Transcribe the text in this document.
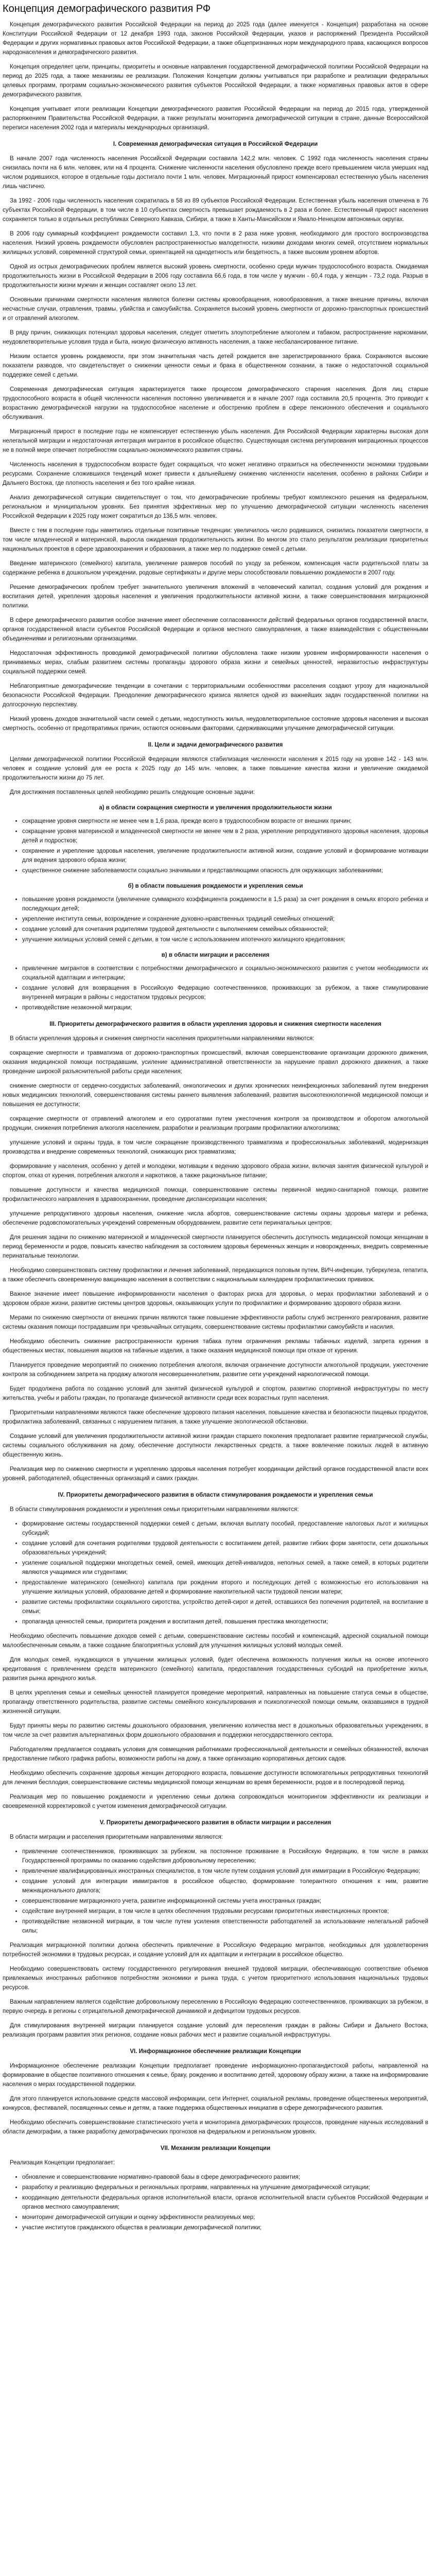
Концепция демографического развития РФ

Концепция демографического развития Российской Федерации на период до 2025 года (далее именуется - Концепция) разработана на основе Конституции Российской Федерации от 12 декабря 1993 года, законов Российской Федерации, указов и распоряжений Президента Российской Федерации и других нормативных правовых актов Российской Федерации, а также общепризнанных норм международного права, касающихся вопросов народонаселения и демографического развития.

Концепция определяет цели, принципы, приоритеты и основные направления государственной демографической политики Российской Федерации на период до 2025 года, а также механизмы ее реализации. Положения Концепции должны учитываться при разработке и реализации федеральных целевых программ, программ социально-экономического развития субъектов Российской Федерации, а также нормативных правовых актов в сфере демографического развития.

Концепция учитывает итоги реализации Концепции демографического развития Российской Федерации на период до 2015 года, утвержденной распоряжением Правительства Российской Федерации, а также результаты мониторинга демографической ситуации в стране, данные Всероссийской переписи населения 2002 года и материалы международных организаций.

I. Современная демографическая ситуация в Российской Федерации

В начале 2007 года численность населения Российской Федерации составила 142,2 млн. человек. С 1992 года численность населения страны снизилась почти на 6 млн. человек, или на 4 процента. Снижение численности населения обусловлено прежде всего превышением числа умерших над числом родившихся, которое в отдельные годы достигало почти 1 млн. человек. Миграционный прирост компенсировал естественную убыль населения лишь частично.

За 1992 - 2006 годы численность населения сократилась в 58 из 89 субъектов Российской Федерации. Естественная убыль населения отмечена в 76 субъектах Российской Федерации, в том числе в 10 субъектах смертность превышает рождаемость в 2 раза и более. Естественный прирост населения сохраняется только в отдельных республиках Северного Кавказа, Сибири, а также в Ханты-Мансийском и Ямало-Ненецком автономных округах.

В 2006 году суммарный коэффициент рождаемости составил 1,3, что почти в 2 раза ниже уровня, необходимого для простого воспроизводства населения. Низкий уровень рождаемости обусловлен распространенностью малодетности, низкими доходами многих семей, отсутствием нормальных жилищных условий, современной структурой семьи, ориентацией на однодетность или бездетность, а также высоким уровнем абортов.

Одной из острых демографических проблем является высокий уровень смертности, особенно среди мужчин трудоспособного возраста. Ожидаемая продолжительность жизни в Российской Федерации в 2006 году составила 66,6 года, в том числе у мужчин - 60,4 года, у женщин - 73,2 года. Разрыв в продолжительности жизни мужчин и женщин составляет около 13 лет.

Основными причинами смертности населения являются болезни системы кровообращения, новообразования, а также внешние причины, включая несчастные случаи, отравления, травмы, убийства и самоубийства. Сохраняется высокий уровень смертности от дорожно-транспортных происшествий и от отравлений алкоголем.

В ряду причин, снижающих потенциал здоровья населения, следует отметить злоупотребление алкоголем и табаком, распространение наркомании, неудовлетворительные условия труда и быта, низкую физическую активность населения, а также несбалансированное питание.

Низким остается уровень рождаемости, при этом значительная часть детей рождается вне зарегистрированного брака. Сохраняются высокие показатели разводов, что свидетельствует о снижении ценности семьи и брака в общественном сознании, а также о недостаточной социальной поддержке семей с детьми.

Современная демографическая ситуация характеризуется также процессом демографического старения населения. Доля лиц старше трудоспособного возраста в общей численности населения постоянно увеличивается и в начале 2007 года составила 20,5 процента. Это приводит к возрастанию демографической нагрузки на трудоспособное население и обострению проблем в сфере пенсионного обеспечения и социального обслуживания.

Миграционный прирост в последние годы не компенсирует естественную убыль населения. Для Российской Федерации характерны высокая доля нелегальной миграции и недостаточная интеграция мигрантов в российское общество. Существующая система регулирования миграционных процессов не в полной мере отвечает потребностям социально-экономического развития страны.

Численность населения в трудоспособном возрасте будет сокращаться, что может негативно отразиться на обеспеченности экономики трудовыми ресурсами. Сохранение сложившихся тенденций может привести к дальнейшему снижению численности населения, особенно в районах Сибири и Дальнего Востока, где плотность населения и без того крайне низкая.

Анализ демографической ситуации свидетельствует о том, что демографические проблемы требуют комплексного решения на федеральном, региональном и муниципальном уровнях. Без принятия эффективных мер по улучшению демографической ситуации численность населения Российской Федерации к 2025 году может сократиться до 136,5 млн. человек.

Вместе с тем в последние годы наметились отдельные позитивные тенденции: увеличилось число родившихся, снизились показатели смертности, в том числе младенческой и материнской, выросла ожидаемая продолжительность жизни. Во многом это стало результатом реализации приоритетных национальных проектов в сфере здравоохранения и образования, а также мер по поддержке семей с детьми.

Введение материнского (семейного) капитала, увеличение размеров пособий по уходу за ребенком, компенсация части родительской платы за содержание ребенка в дошкольном учреждении, родовые сертификаты и другие меры способствовали повышению рождаемости в 2007 году.

Решение демографических проблем требует значительного увеличения вложений в человеческий капитал, создания условий для рождения и воспитания детей, укрепления здоровья населения и увеличения продолжительности активной жизни, а также совершенствования миграционной политики.

В сфере демографического развития особое значение имеет обеспечение согласованности действий федеральных органов государственной власти, органов государственной власти субъектов Российской Федерации и органов местного самоуправления, а также взаимодействия с общественными объединениями и религиозными организациями.

Недостаточная эффективность проводимой демографической политики обусловлена также низким уровнем информированности населения о принимаемых мерах, слабым развитием системы пропаганды здорового образа жизни и семейных ценностей, неразвитостью инфраструктуры социальной поддержки семей.

Неблагоприятные демографические тенденции в сочетании с территориальными особенностями расселения создают угрозу для национальной безопасности Российской Федерации. Преодоление демографического кризиса является одной из важнейших задач государственной политики на долгосрочную перспективу.

Низкий уровень доходов значительной части семей с детьми, недоступность жилья, неудовлетворительное состояние здоровья населения и высокая смертность, особенно от предотвратимых причин, остаются основными факторами, сдерживающими улучшение демографической ситуации.

II. Цели и задачи демографического развития

Целями демографической политики Российской Федерации являются стабилизация численности населения к 2015 году на уровне 142 - 143 млн. человек и создание условий для ее роста к 2025 году до 145 млн. человек, а также повышение качества жизни и увеличение ожидаемой продолжительности жизни до 75 лет.

Для достижения поставленных целей необходимо решить следующие основные задачи:

а) в области сокращения смертности и увеличения продолжительности жизни
• сокращение уровня смертности не менее чем в 1,6 раза, прежде всего в трудоспособном возрасте от внешних причин;
• сокращение уровня материнской и младенческой смертности не менее чем в 2 раза, укрепление репродуктивного здоровья населения, здоровья детей и подростков;
• сохранение и укрепление здоровья населения, увеличение продолжительности активной жизни, создание условий и формирование мотивации для ведения здорового образа жизни;
• существенное снижение заболеваемости социально значимыми и представляющими опасность для окружающих заболеваниями;
б) в области повышения рождаемости и укрепления семьи
• повышение уровня рождаемости (увеличение суммарного коэффициента рождаемости в 1,5 раза) за счет рождения в семьях второго ребенка и последующих детей;
• укрепление института семьи, возрождение и сохранение духовно-нравственных традиций семейных отношений;
• создание условий для сочетания родителями трудовой деятельности с выполнением семейных обязанностей;
• улучшение жилищных условий семей с детьми, в том числе с использованием ипотечного жилищного кредитования;
в) в области миграции и расселения
• привлечение мигрантов в соответствии с потребностями демографического и социально-экономического развития с учетом необходимости их социальной адаптации и интеграции;
• создание условий для возвращения в Российскую Федерацию соотечественников, проживающих за рубежом, а также стимулирование внутренней миграции в районы с недостатком трудовых ресурсов;
• противодействие незаконной миграции;
III. Приоритеты демографического развития в области укрепления здоровья и снижения смертности населения

В области укрепления здоровья и снижения смертности населения приоритетными направлениями являются:

сокращение смертности и травматизма от дорожно-транспортных происшествий, включая совершенствование организации дорожного движения, оказания медицинской помощи пострадавшим, усиление административной ответственности за нарушение правил дорожного движения, а также проведение широкой разъяснительной работы среди населения;

снижение смертности от сердечно-сосудистых заболеваний, онкологических и других хронических неинфекционных заболеваний путем внедрения новых медицинских технологий, совершенствования системы раннего выявления заболеваний, развития высокотехнологичной медицинской помощи и повышения ее доступности;

сокращение смертности от отравлений алкоголем и его суррогатами путем ужесточения контроля за производством и оборотом алкогольной продукции, снижения потребления алкоголя населением, разработки и реализации программ профилактики алкоголизма;

улучшение условий и охраны труда, в том числе сокращение производственного травматизма и профессиональных заболеваний, модернизация производства и внедрение современных технологий, снижающих риск травматизма;

формирование у населения, особенно у детей и молодежи, мотивации к ведению здорового образа жизни, включая занятия физической культурой и спортом, отказ от курения, потребления алкоголя и наркотиков, а также рациональное питание;

повышение доступности и качества медицинской помощи, совершенствование системы первичной медико-санитарной помощи, развитие профилактического направления в здравоохранении, проведение диспансеризации населения;

улучшение репродуктивного здоровья населения, снижение числа абортов, совершенствование системы охраны здоровья матери и ребенка, обеспечение родовспомогательных учреждений современным оборудованием, развитие сети перинатальных центров;

Для решения задачи по снижению материнской и младенческой смертности планируется обеспечить доступность медицинской помощи женщинам в период беременности и родов, повысить качество наблюдения за состоянием здоровья беременных женщин и новорожденных, внедрить современные перинатальные технологии.

Необходимо совершенствовать систему профилактики и лечения заболеваний, передающихся половым путем, ВИЧ-инфекции, туберкулеза, гепатита, а также обеспечить своевременную вакцинацию населения в соответствии с национальным календарем профилактических прививок.

Важное значение имеет повышение информированности населения о факторах риска для здоровья, о мерах профилактики заболеваний и о здоровом образе жизни, развитие системы центров здоровья, оказывающих услуги по профилактике и формированию здорового образа жизни.

Мерами по снижению смертности от внешних причин являются также повышение эффективности работы служб экстренного реагирования, развитие системы оказания помощи пострадавшим при чрезвычайных ситуациях, совершенствование системы профилактики самоубийств и насилия.

Необходимо обеспечить снижение распространенности курения табака путем ограничения рекламы табачных изделий, запрета курения в общественных местах, повышения акцизов на табачные изделия, а также оказания медицинской помощи при отказе от курения.

Планируется проведение мероприятий по снижению потребления алкоголя, включая ограничение доступности алкогольной продукции, ужесточение контроля за соблюдением запрета на продажу алкоголя несовершеннолетним, развитие сети учреждений наркологической помощи.

Будет продолжена работа по созданию условий для занятий физической культурой и спортом, развитию спортивной инфраструктуры по месту жительства, учебы и работы граждан, по пропаганде физической активности среди всех возрастных групп населения.

Приоритетными направлениями являются также обеспечение здорового питания населения, повышение качества и безопасности пищевых продуктов, профилактика заболеваний, связанных с нарушением питания, а также улучшение экологической обстановки.

Создание условий для увеличения продолжительности активной жизни граждан старшего поколения предполагает развитие гериатрической службы, системы социального обслуживания на дому, обеспечение доступности лекарственных средств, а также вовлечение пожилых людей в активную общественную жизнь.

Реализация мер по снижению смертности и укреплению здоровья населения потребует координации действий органов государственной власти всех уровней, работодателей, общественных организаций и самих граждан.

IV. Приоритеты демографического развития в области стимулирования рождаемости и укрепления семьи

В области стимулирования рождаемости и укрепления семьи приоритетными направлениями являются:

• формирование системы государственной поддержки семей с детьми, включая выплату пособий, предоставление налоговых льгот и жилищных субсидий;
• создание условий для сочетания родителями трудовой деятельности с воспитанием детей, развитие гибких форм занятости, сети дошкольных образовательных учреждений;
• усиление социальной поддержки многодетных семей, семей, имеющих детей-инвалидов, неполных семей, а также семей, в которых родители являются учащимися или студентами;
• предоставление материнского (семейного) капитала при рождении второго и последующих детей с возможностью его использования на улучшение жилищных условий, образование детей и формирование накопительной части трудовой пенсии матери;
• развитие системы профилактики социального сиротства, устройство детей-сирот и детей, оставшихся без попечения родителей, на воспитание в семьи;
• пропаганда ценностей семьи, приоритета рождения и воспитания детей, повышения престижа многодетности;

Необходимо обеспечить повышение доходов семей с детьми, совершенствование системы пособий и компенсаций, адресной социальной помощи малообеспеченным семьям, а также создание благоприятных условий для улучшения жилищных условий молодых семей.

Для молодых семей, нуждающихся в улучшении жилищных условий, будет обеспечена возможность получения жилья на основе ипотечного кредитования с привлечением средств материнского (семейного) капитала, предоставления государственных субсидий на приобретение жилья, развития рынка арендного жилья.

В целях укрепления семьи и семейных ценностей планируется проведение мероприятий, направленных на повышение статуса семьи в обществе, пропаганду ответственного родительства, развитие системы семейного консультирования и психологической помощи семьям, оказавшимся в трудной жизненной ситуации.

Будут приняты меры по развитию системы дошкольного образования, увеличению количества мест в дошкольных образовательных учреждениях, в том числе за счет развития альтернативных форм дошкольного образования и поддержки негосударственного сектора.

Работодателям предлагается создавать условия для совмещения работниками профессиональной деятельности и семейных обязанностей, включая предоставление гибкого графика работы, возможности работы на дому, а также организацию корпоративных детских садов.

Необходимо обеспечить сохранение здоровья женщин детородного возраста, повышение доступности вспомогательных репродуктивных технологий для лечения бесплодия, совершенствование системы медицинской помощи женщинам во время беременности, родов и в послеродовой период.

Реализация мер по повышению рождаемости и укреплению семьи должна сопровождаться мониторингом эффективности их реализации и своевременной корректировкой с учетом изменения демографической ситуации.

V. Приоритеты демографического развития в области миграции и расселения

В области миграции и расселения приоритетными направлениями являются:

• привлечение соотечественников, проживающих за рубежом, на постоянное проживание в Российскую Федерацию, в том числе в рамках Государственной программы по оказанию содействия добровольному переселению;
• привлечение квалифицированных иностранных специалистов, в том числе путем создания условий для иммиграции в Российскую Федерацию;
• создание условий для интеграции иммигрантов в российское общество, формирование толерантного отношения к ним, развитие межнационального диалога;
• совершенствование миграционного учета, развитие информационной системы учета иностранных граждан;
• содействие внутренней миграции, в том числе в целях обеспечения трудовыми ресурсами приоритетных инвестиционных проектов;
• противодействие незаконной миграции, в том числе путем усиления ответственности работодателей за использование нелегальной рабочей силы;

Реализация миграционной политики должна обеспечить привлечение в Российскую Федерацию мигрантов, необходимых для удовлетворения потребностей экономики в трудовых ресурсах, и создание условий для их адаптации и интеграции в российское общество.

Необходимо совершенствовать систему государственного регулирования внешней трудовой миграции, обеспечивающую соответствие объемов привлекаемых иностранных работников потребностям экономики и рынка труда, с учетом приоритетного использования национальных трудовых ресурсов.

Важным направлением является содействие добровольному переселению в Российскую Федерацию соотечественников, проживающих за рубежом, в первую очередь в регионы с отрицательной демографической динамикой и дефицитом трудовых ресурсов.

Для стимулирования внутренней миграции планируется создание условий для переселения граждан в районы Сибири и Дальнего Востока, реализация программ развития этих регионов, создание новых рабочих мест и развитие социальной инфраструктуры.

VI. Информационное обеспечение реализации Концепции

Информационное обеспечение реализации Концепции предполагает проведение информационно-пропагандистской работы, направленной на формирование в обществе позитивного отношения к семье, браку, рождению и воспитанию детей, здоровому образу жизни, а также на информирование населения о мерах государственной поддержки.

Для этого планируется использование средств массовой информации, сети Интернет, социальной рекламы, проведение общественных мероприятий, конкурсов, фестивалей, посвященных семье и детям, а также поддержка общественных инициатив в сфере демографического развития.

Необходимо обеспечить совершенствование статистического учета и мониторинга демографических процессов, проведение научных исследований в области демографии, а также разработку демографических прогнозов на федеральном и региональном уровнях.

VII. Механизм реализации Концепции

Реализация Концепции предполагает:

• обновление и совершенствование нормативно-правовой базы в сфере демографического развития;
• разработку и реализацию федеральных и региональных программ, направленных на улучшение демографической ситуации;
• координацию деятельности федеральных органов исполнительной власти, органов исполнительной власти субъектов Российской Федерации и органов местного самоуправления;
• мониторинг демографической ситуации и оценку эффективности реализуемых мер;
• участие институтов гражданского общества в реализации демографической политики;
